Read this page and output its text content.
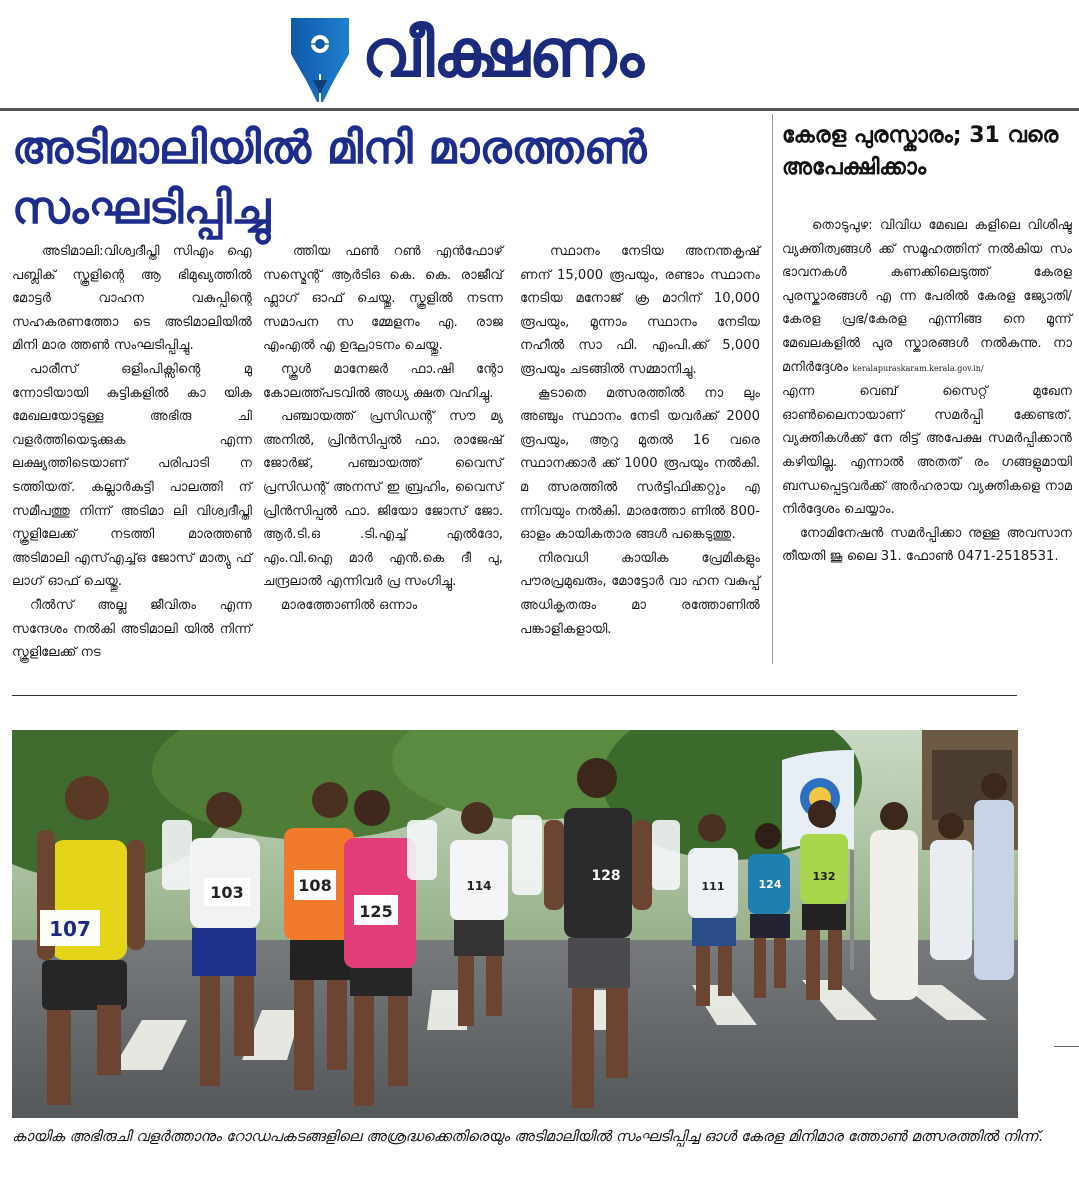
വീക്ഷണം
അടിമാലിയിൽ മിനി മാരത്തൺ സംഘടിപ്പിച്ചു

അടിമാലി:വിശ്വദീപ്തി സിഎം ഐ പബ്ലിക് സ്കൂളിന്റെ ആ ഭിമുഖ്യത്തിൽ മോട്ടർ വാഹന വകുപ്പിന്റെ സഹകരണത്തോ ടെ അടിമാലിയിൽ മിനി മാര ത്തൺ സംഘടിപ്പിച്ചു.

പാരീസ് ഒളിംപിക്സിന്റെ മു ന്നോടിയായി കുട്ടികളിൽ കാ യിക മേഖലയോടുള്ള അഭിരു ചി വളർത്തിയെടുക്കുക എന്ന ലക്ഷ്യത്തിടെയാണ് പരിപാടി ന ടത്തിയത്. കല്ലാർകുട്ടി പാലത്തി ന് സമീപത്തു നിന്ന് അടിമാ ലി വിശ്വദീപ്തി സ്കൂളിലേക്ക് നടത്തി മാരത്തൺ അടിമാലി എസ്എച്ച്ഒ ജോസ് മാത്യു ഫ് ലാഗ് ഓഫ് ചെയ്തു.

റീൽസ് അല്ല ജീവിതം എന്ന സന്ദേശം നൽകി അടിമാലി യിൽ നിന്ന് സ്കൂളിലേക്ക് നട

ത്തിയ ഫൺ റൺ എൻഫോഴ് സസ്മെന്റ് ആർടിഒ കെ. കെ. രാജീവ് ഫ്ലാഗ് ഓഫ് ചെയ്തു. സ്കൂളിൽ നടന്ന സമാപന സ മ്മേളനം എ. രാജ എംഎൽ എ ഉദ്ഘാടനം ചെയ്തു.

സ്കൂൾ മാനേജർ ഫാ.ഷി ന്റോ കോലത്ത്പടവിൽ അധ്യ ക്ഷത വഹിച്ചു.

പഞ്ചായത്ത് പ്രസിഡന്റ് സൗ മ്യ അനിൽ, പ്രിൻസിപ്പൽ ഫാ. രാജേഷ് ജോർജ്, പഞ്ചായത്ത് വൈസ് പ്രസിഡന്റ് അനസ് ഇ ബ്രഹിം, വൈസ് പ്രിൻസിപ്പൽ ഫാ. ജിയോ ജോസ് ജോ. ആർ.ടി.ഒ .ടി.എച്ച് എൽദോ, എം.വി.ഐ മാർ എൻ.കെ ദീ പു, ചന്ദ്രലാൽ എന്നിവർ പ്ര സംഗിച്ചു.

മാരത്തോണിൽ ഒന്നാം

സ്ഥാനം നേടിയ അനന്തകൃഷ് ണന് 15,000 രൂപയും, രണ്ടാം സ്ഥാനം നേടിയ മനോജ് ക്ര മാറിന് 10,000 രൂപയും, മൂന്നാം സ്ഥാനം നേടിയ നഹീൽ സാ ഫി. എംപി.ക്ക് 5,000 രൂപയും ചടങ്ങിൽ സമ്മാനിച്ചു.

കൂടാതെ മത്സരത്തിൽ നാ ലും അഞ്ചും സ്ഥാനം നേടി യവർക്ക് 2000 രൂപയും, ആറു മുതൽ 16 വരെ സ്ഥാനക്കാർ ക്ക് 1000 രൂപയും നൽകി. മ ത്സരത്തിൽ സർട്ടിഫിക്കറ്റും എ ന്നിവയും നൽകി. മാരത്തോ ണിൽ 800-ഓളം കായികതാര ങ്ങൾ പങ്കെടുത്തു.

നിരവധി കായിക പ്രേമികളും പൗരപ്രമുഖരും, മോട്ടോർ വാ ഹന വകുപ്പ് അധികൃതരും മാ രത്തോണിൽ പങ്കാളികളായി.

കേരള പുരസ്കാരം; 31 വരെ അപേക്ഷിക്കാം

തൊടുപുഴ: വിവിധ മേഖല കളിലെ വിശിഷ്ട വ്യക്തിത്വങ്ങൾ ക്ക് സമൂഹത്തിന് നൽകിയ സം ഭാവനകൾ കണക്കിലെടുത്ത് കേരള പുരസ്കാരങ്ങൾ എ ന്ന പേരിൽ കേരള ജ്യോതി/ കേരള പ്രഭ/കേരള എന്നിങ്ങ നെ മൂന്ന് മേഖലകളിൽ പുര സ്കാരങ്ങൾ നൽകുന്നു. നാ മനിർദ്ദേശം keralapuraskaram.kerala.gov.in/

എന്ന വെബ് സൈറ്റ് മുഖേന ഓൺലൈനായാണ് സമർപ്പി ക്കേണ്ടത്. വ്യക്തികൾക്ക് നേ രിട്ട് അപേക്ഷ സമർപ്പിക്കാൻ കഴിയില്ല. എന്നാൽ അതത് രം ഗങ്ങളുമായി ബന്ധപ്പെട്ടവർക്ക് അർഹരായ വ്യക്തികളെ നാമ നിർദ്ദേശം ചെയ്യാം.

നോമിനേഷൻ സമർപ്പിക്കാ നുള്ള അവസാന തീയതി ജൂ ലൈ 31. ഫോൺ 0471-2518531.

107
103	108
125
114
128
111	124
132
കായിക അഭിരുചി വളർത്താനും റോഡപകടങ്ങളിലെ അശ്രദ്ധക്കെതിരെയും അടിമാലിയിൽ സംഘടിപ്പിച്ച ഓൾ കേരള മിനിമാര ത്തോൺ മത്സരത്തിൽ നിന്ന്.
